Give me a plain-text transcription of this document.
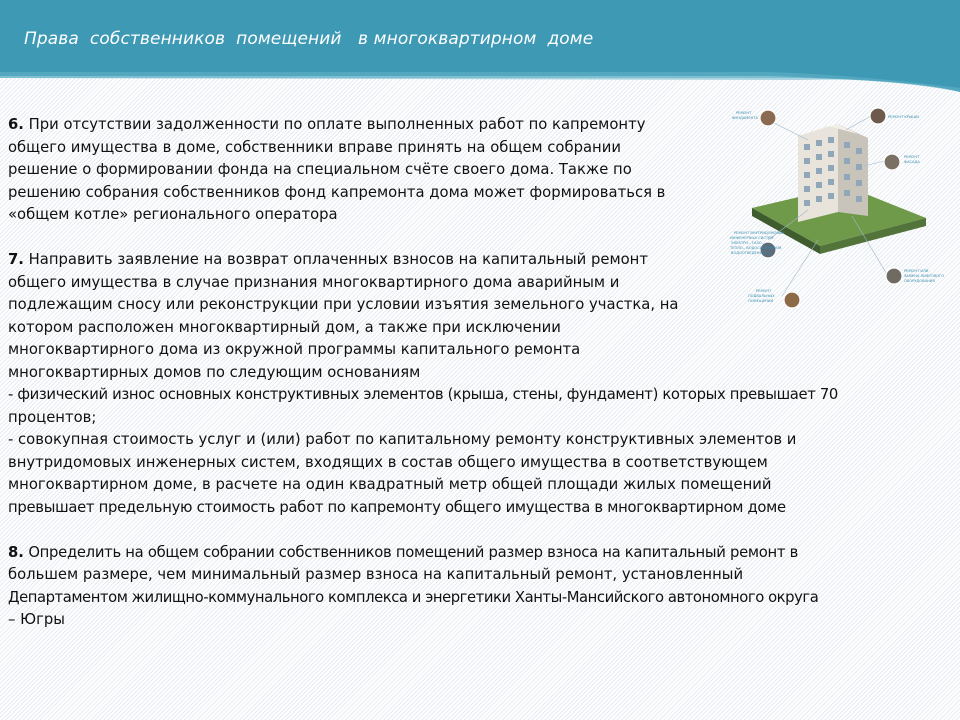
Права  собственников  помещений   в многоквартирном  доме
РЕМОНТ ФУНДАМЕНТА	РЕМОНТ КРЫШИ
РЕМОНТ ФАСАДА
РЕМОНТ ВНУТРИДОМОВЫХ ИНЖЕНЕРНЫХ СИСТЕМ ЭЛЕКТРО-, ГАЗО-, ТЕПЛО-, ВОДОСНАБЖЕНИЯ, ВОДООТВЕДЕНИЯ
РЕМОНТ ИЛИ ЗАМЕНА ЛИФТОВОГО ОБОРУДОВАНИЯ
РЕМОНТ ПОДВАЛЬНЫХ ПОМЕЩЕНИЙ
6. При отсутствии задолженности по оплате выполненных работ по капремонту
общего имущества в доме, собственники вправе принять на общем собрании
решение о формировании фонда на специальном счёте своего дома. Также по
решению собрания собственников фонд капремонта дома может формироваться в
«общем котле» регионального оператора
7. Направить заявление на возврат оплаченных взносов на капитальный ремонт
общего имущества в случае признания многоквартирного дома аварийным и
подлежащим сносу или реконструкции при условии изъятия земельного участка, на
котором расположен многоквартирный дом, а также при исключении
многоквартирного дома из окружной программы капитального ремонта
многоквартирных домов по следующим основаниям
- физический износ основных конструктивных элементов (крыша, стены, фундамент) которых превышает 70
процентов;
- совокупная стоимость услуг и (или) работ по капитальному ремонту конструктивных элементов и
внутридомовых инженерных систем, входящих в состав общего имущества в соответствующем
многоквартирном доме, в расчете на один квадратный метр общей площади жилых помещений
превышает предельную стоимость работ по капремонту общего имущества в многоквартирном доме
8. Определить на общем собрании собственников помещений размер взноса на капитальный ремонт в
большем размере, чем минимальный размер взноса на капитальный ремонт, установленный
Департаментом жилищно-коммунального комплекса и энергетики Ханты-Мансийского автономного округа
– Югры
